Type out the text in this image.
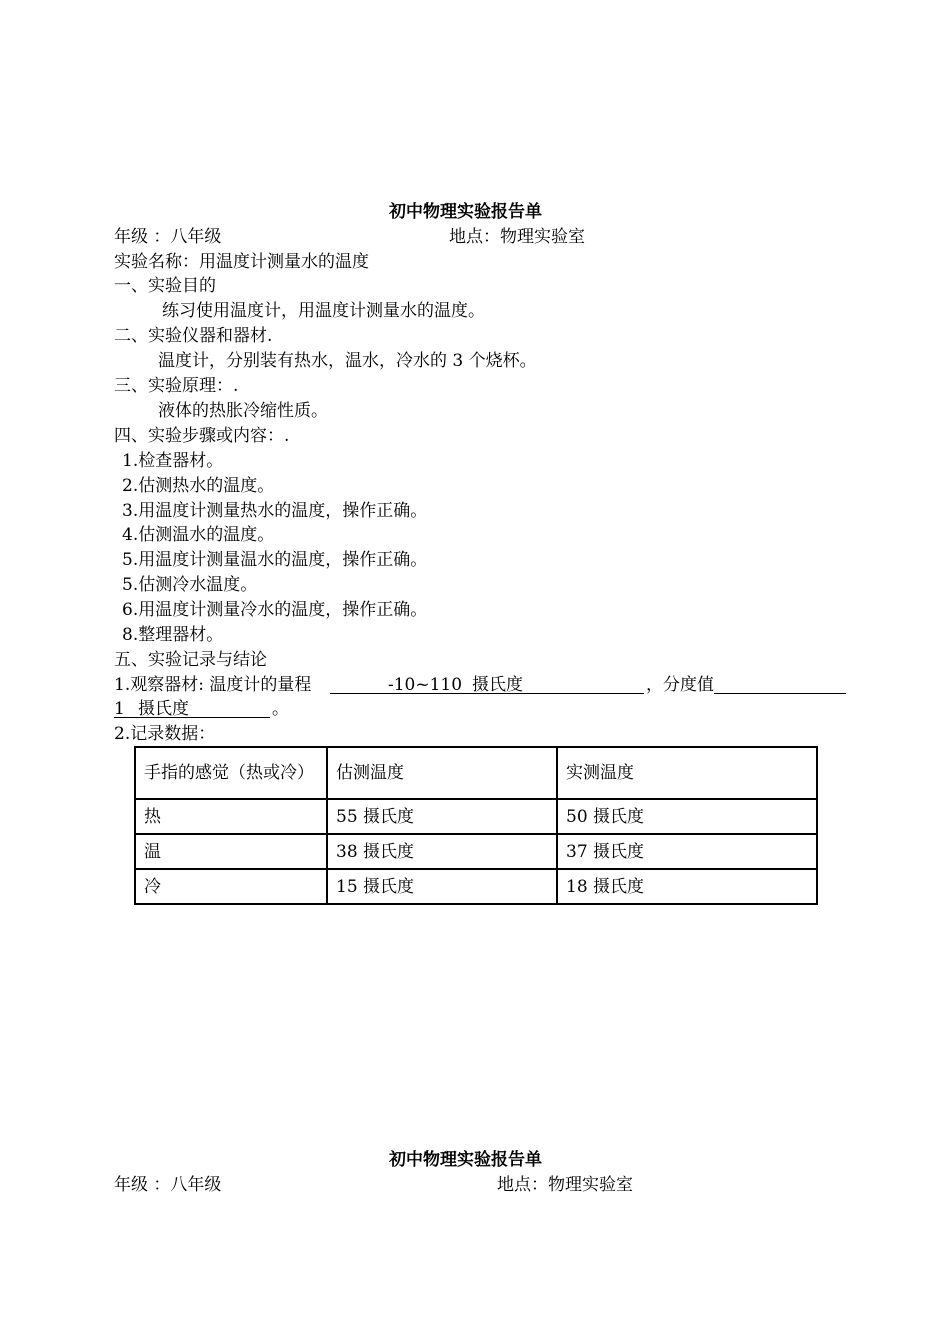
初中物理实验报告单
年级 ：八年级	地点：物理实验室
实验名称：用温度计测量水的温度
一、实验目的
练习使用温度计，用温度计测量水的温度。
二、实验仪器和器材.
温度计，分别装有热水，温水，冷水的 3 个烧杯。
三、实验原理：.
液体的热胀冷缩性质。
四、实验步骤或内容：.
1.检查器材。
2.估测热水的温度。
3.用温度计测量热水的温度，操作正确。
4.估测温水的温度。
5.用温度计测量温水的温度，操作正确。
5.估测冷水温度。
6.用温度计测量冷水的温度，操作正确。
8.整理器材。
五、实验记录与结论
1.观察器材: 温度计的量程	-10~110 摄氏度	，分度值
1 摄氏度	。
2.记录数据：
手指的感觉（热或冷）	估测温度	实测温度
热	55 摄氏度	50 摄氏度
温	38 摄氏度	37 摄氏度
冷	15 摄氏度	18 摄氏度
初中物理实验报告单
年级 ：八年级	地点：物理实验室
